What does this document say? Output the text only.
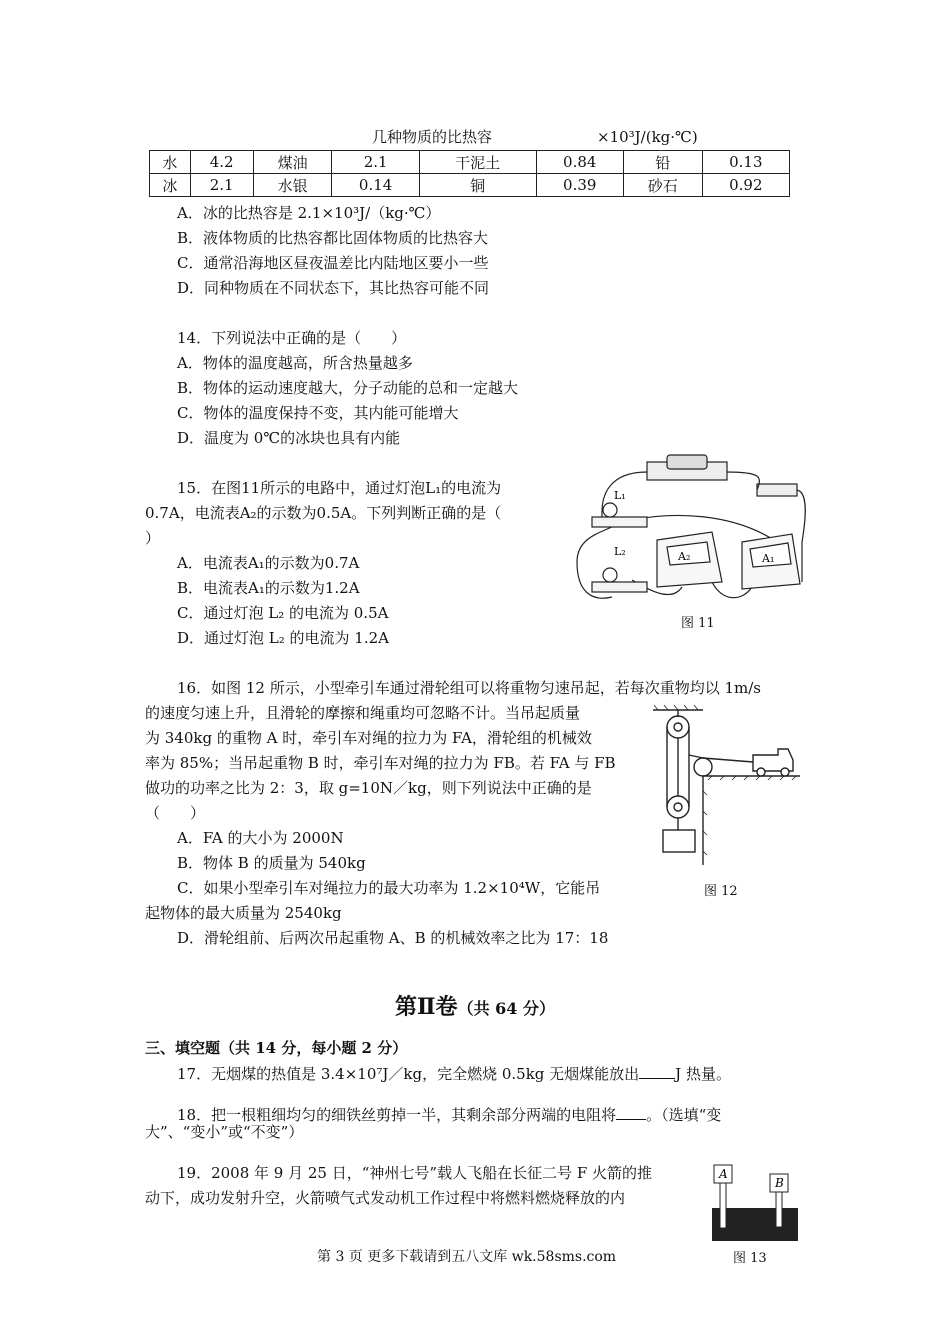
几种物质的比热容	×10³J/(kg·℃)
水	4.2	煤油	2.1	干泥土	0.84	铅	0.13
冰	2.1	水银	0.14	铜	0.39	砂石	0.92
A．冰的比热容是 2.1×10³J/（kg·℃）
B．液体物质的比热容都比固体物质的比热容大
C．通常沿海地区昼夜温差比内陆地区要小一些
D．同种物质在不同状态下，其比热容可能不同
14．下列说法中正确的是（　　）
A．物体的温度越高，所含热量越多
B．物体的运动速度越大，分子动能的总和一定越大
C．物体的温度保持不变，其内能可能增大
D．温度为 0℃的冰块也具有内能
15．在图11所示的电路中，通过灯泡L₁的电流为
0.7A，电流表A₂的示数为0.5A。下列判断正确的是（
）
A．电流表A₁的示数为0.7A
B．电流表A₁的示数为1.2A
C．通过灯泡 L₂ 的电流为 0.5A
D．通过灯泡 L₂ 的电流为 1.2A
L₁
L₂	A₂	A₁
图 11
16．如图 12 所示，小型牵引车通过滑轮组可以将重物匀速吊起，若每次重物均以 1m/s
的速度匀速上升，且滑轮的摩擦和绳重均可忽略不计。当吊起质量
为 340kg 的重物 A 时，牵引车对绳的拉力为 FA，滑轮组的机械效
率为 85%；当吊起重物 B 时，牵引车对绳的拉力为 FB。若 FA 与 FB
做功的功率之比为 2：3，取 g=10N／kg，则下列说法中正确的是
（　　）
A．FA 的大小为 2000N
B．物体 B 的质量为 540kg
C．如果小型牵引车对绳拉力的最大功率为 1.2×10⁴W，它能吊
起物体的最大质量为 2540kg
D．滑轮组前、后两次吊起重物 A、B 的机械效率之比为 17：18
图 12
第Ⅱ卷（共 64 分）
三、填空题（共 14 分，每小题 2 分）
17．无烟煤的热值是 3.4×10⁷J／kg，完全燃烧 0.5kg 无烟煤能放出 J 热量。
18．把一根粗细均匀的细铁丝剪掉一半，其剩余部分两端的电阻将 。（选填“变
大”、“变小”或“不变”）
19．2008 年 9 月 25 日，“神州七号”载人飞船在长征二号 F 火箭的推
动下，成功发射升空，火箭喷气式发动机工作过程中将燃料燃烧释放的内
A
B
图 13
第 3 页 更多下载请到五八文库 wk.58sms.com
